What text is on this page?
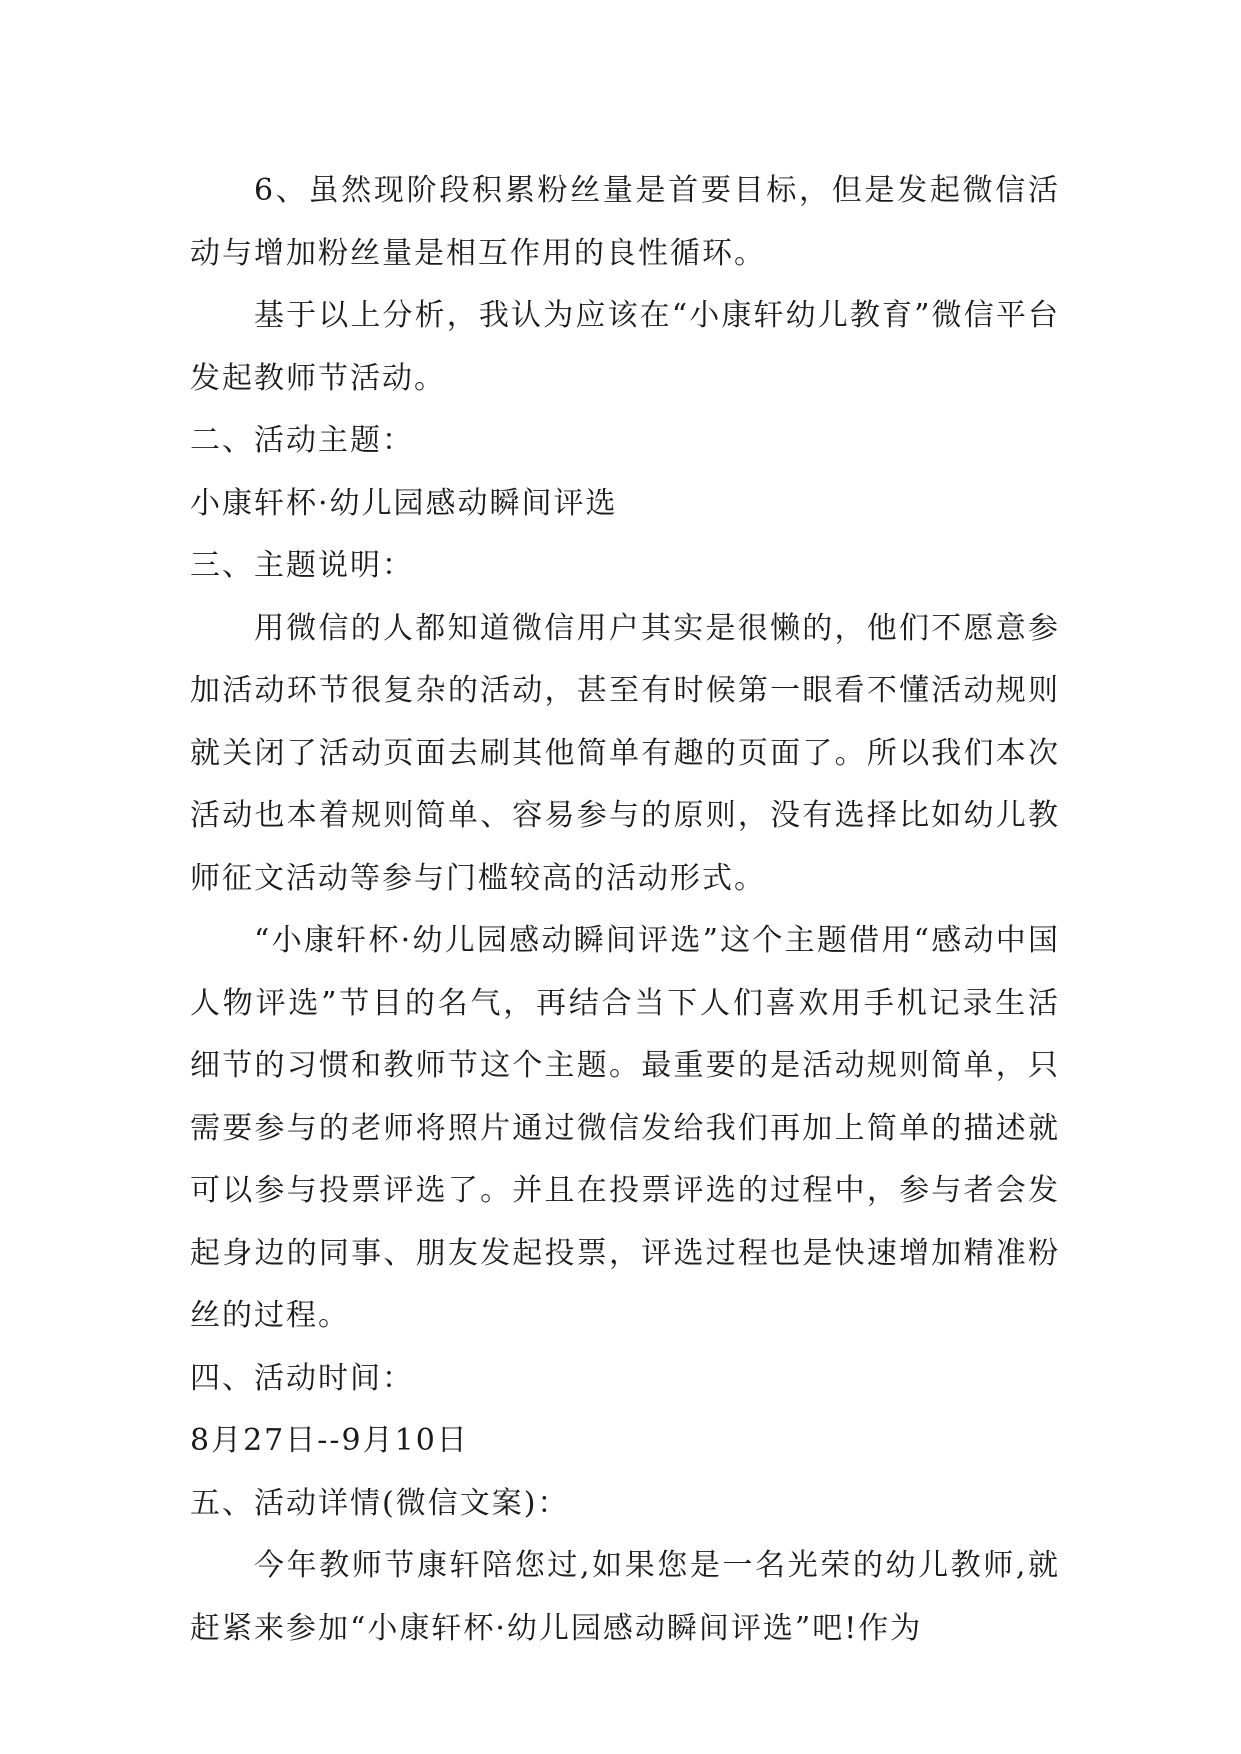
6、虽然现阶段积累粉丝量是首要目标，但是发起微信活动与增加粉丝量是相互作用的良性循环。

基于以上分析，我认为应该在“小康轩幼儿教育”微信平台发起教师节活动。

二、活动主题：

小康轩杯·幼儿园感动瞬间评选

三、主题说明：

用微信的人都知道微信用户其实是很懒的，他们不愿意参加活动环节很复杂的活动，甚至有时候第一眼看不懂活动规则就关闭了活动页面去刷其他简单有趣的页面了。所以我们本次活动也本着规则简单、容易参与的原则，没有选择比如幼儿教师征文活动等参与门槛较高的活动形式。

“小康轩杯·幼儿园感动瞬间评选”这个主题借用“感动中国人物评选”节目的名气，再结合当下人们喜欢用手机记录生活细节的习惯和教师节这个主题。最重要的是活动规则简单，只需要参与的老师将照片通过微信发给我们再加上简单的描述就可以参与投票评选了。并且在投票评选的过程中，参与者会发起身边的同事、朋友发起投票，评选过程也是快速增加精准粉丝的过程。

四、活动时间：

8月27日--9月10日

五、活动详情(微信文案)：

今年教师节康轩陪您过,如果您是一名光荣的幼儿教师,就赶紧来参加“小康轩杯·幼儿园感动瞬间评选”吧!作为
